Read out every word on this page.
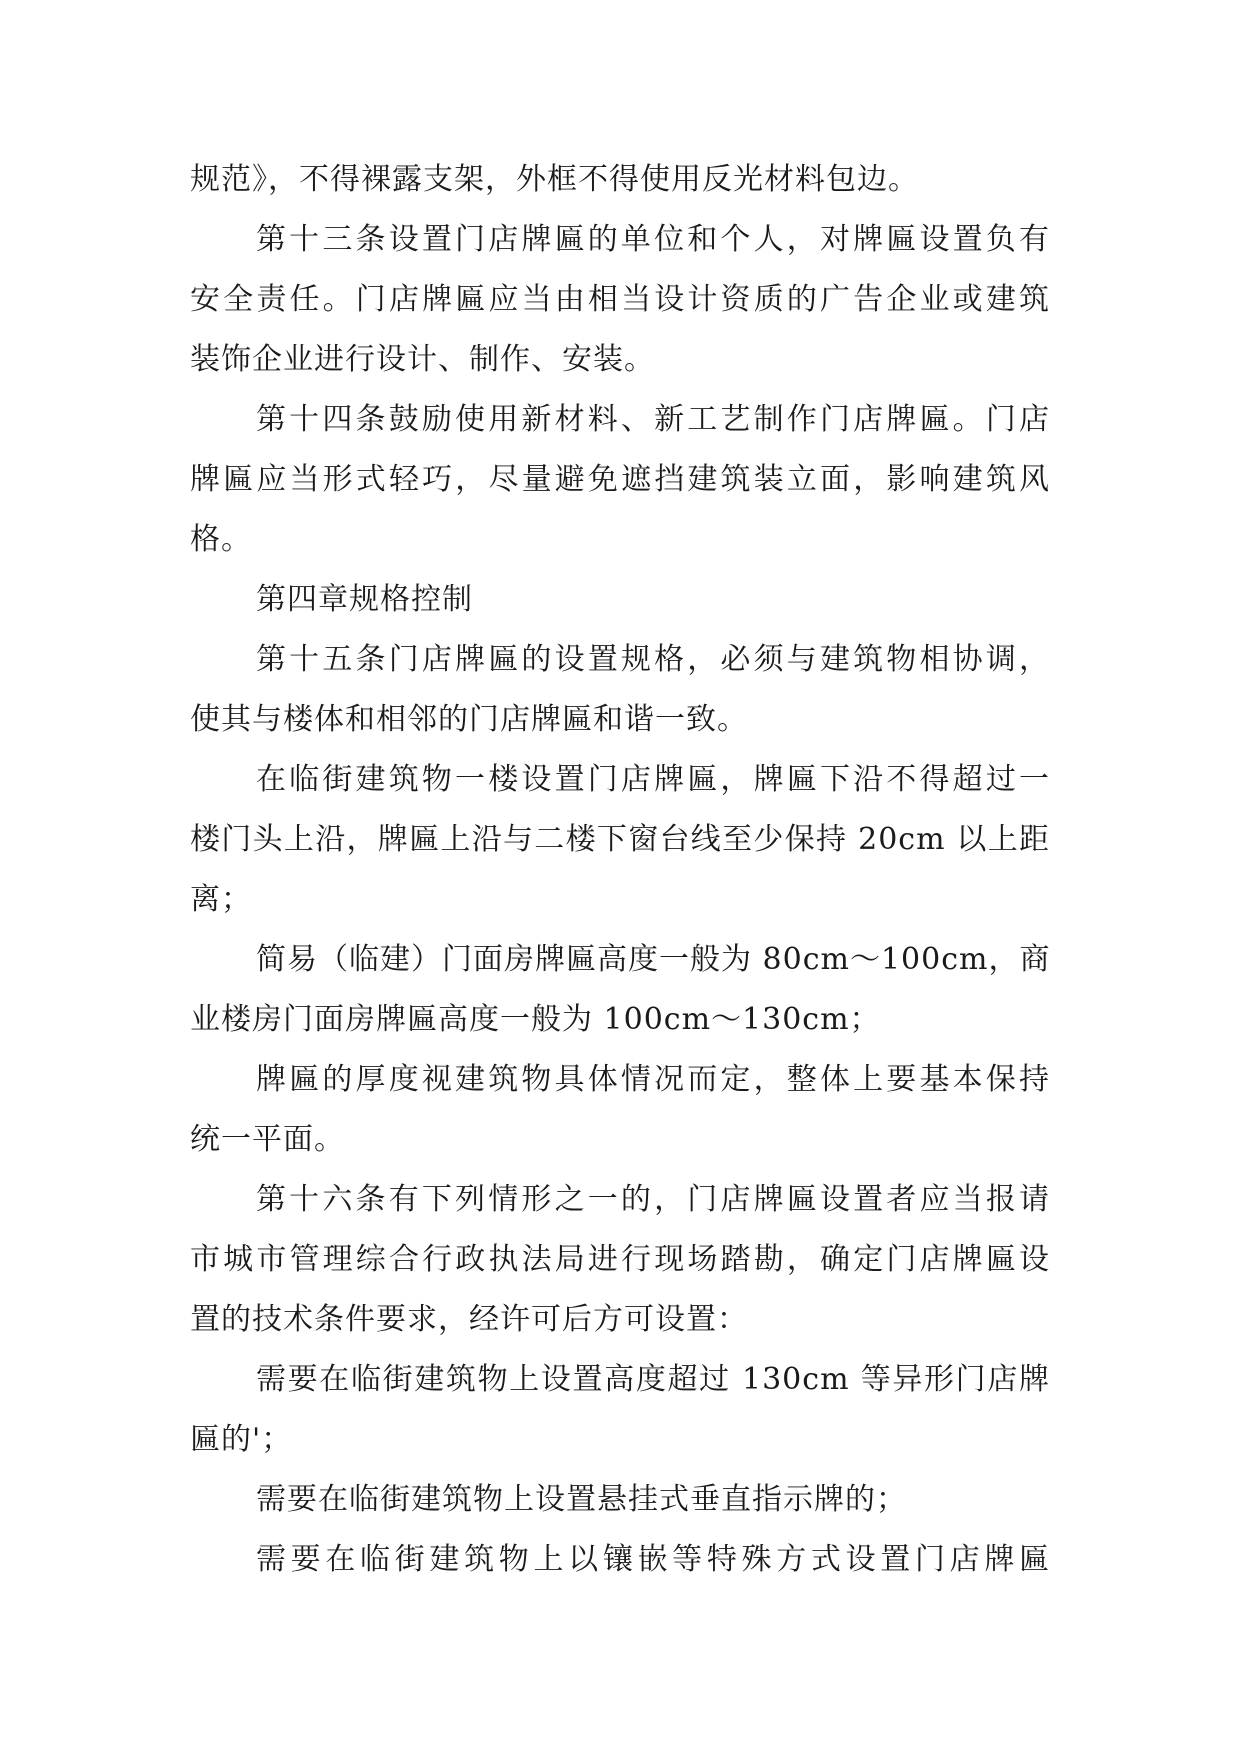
规范》，不得裸露支架，外框不得使用反光材料包边。
第十三条设置门店牌匾的单位和个人，对牌匾设置负有
安全责任。门店牌匾应当由相当设计资质的广告企业或建筑
装饰企业进行设计、制作、安装。
第十四条鼓励使用新材料、新工艺制作门店牌匾。门店
牌匾应当形式轻巧，尽量避免遮挡建筑装立面，影响建筑风
格。
第四章规格控制
第十五条门店牌匾的设置规格，必须与建筑物相协调，
使其与楼体和相邻的门店牌匾和谐一致。
在临街建筑物一楼设置门店牌匾，牌匾下沿不得超过一
楼门头上沿，牌匾上沿与二楼下窗台线至少保持 20cm 以上距
离；
简易（临建）门面房牌匾高度一般为 80cm～100cm，商
业楼房门面房牌匾高度一般为 100cm～130cm；
牌匾的厚度视建筑物具体情况而定，整体上要基本保持
统一平面。
第十六条有下列情形之一的，门店牌匾设置者应当报请
市城市管理综合行政执法局进行现场踏勘，确定门店牌匾设
置的技术条件要求，经许可后方可设置：
需要在临街建筑物上设置高度超过 130cm 等异形门店牌
匾的'；
需要在临街建筑物上设置悬挂式垂直指示牌的；
需要在临街建筑物上以镶嵌等特殊方式设置门店牌匾
